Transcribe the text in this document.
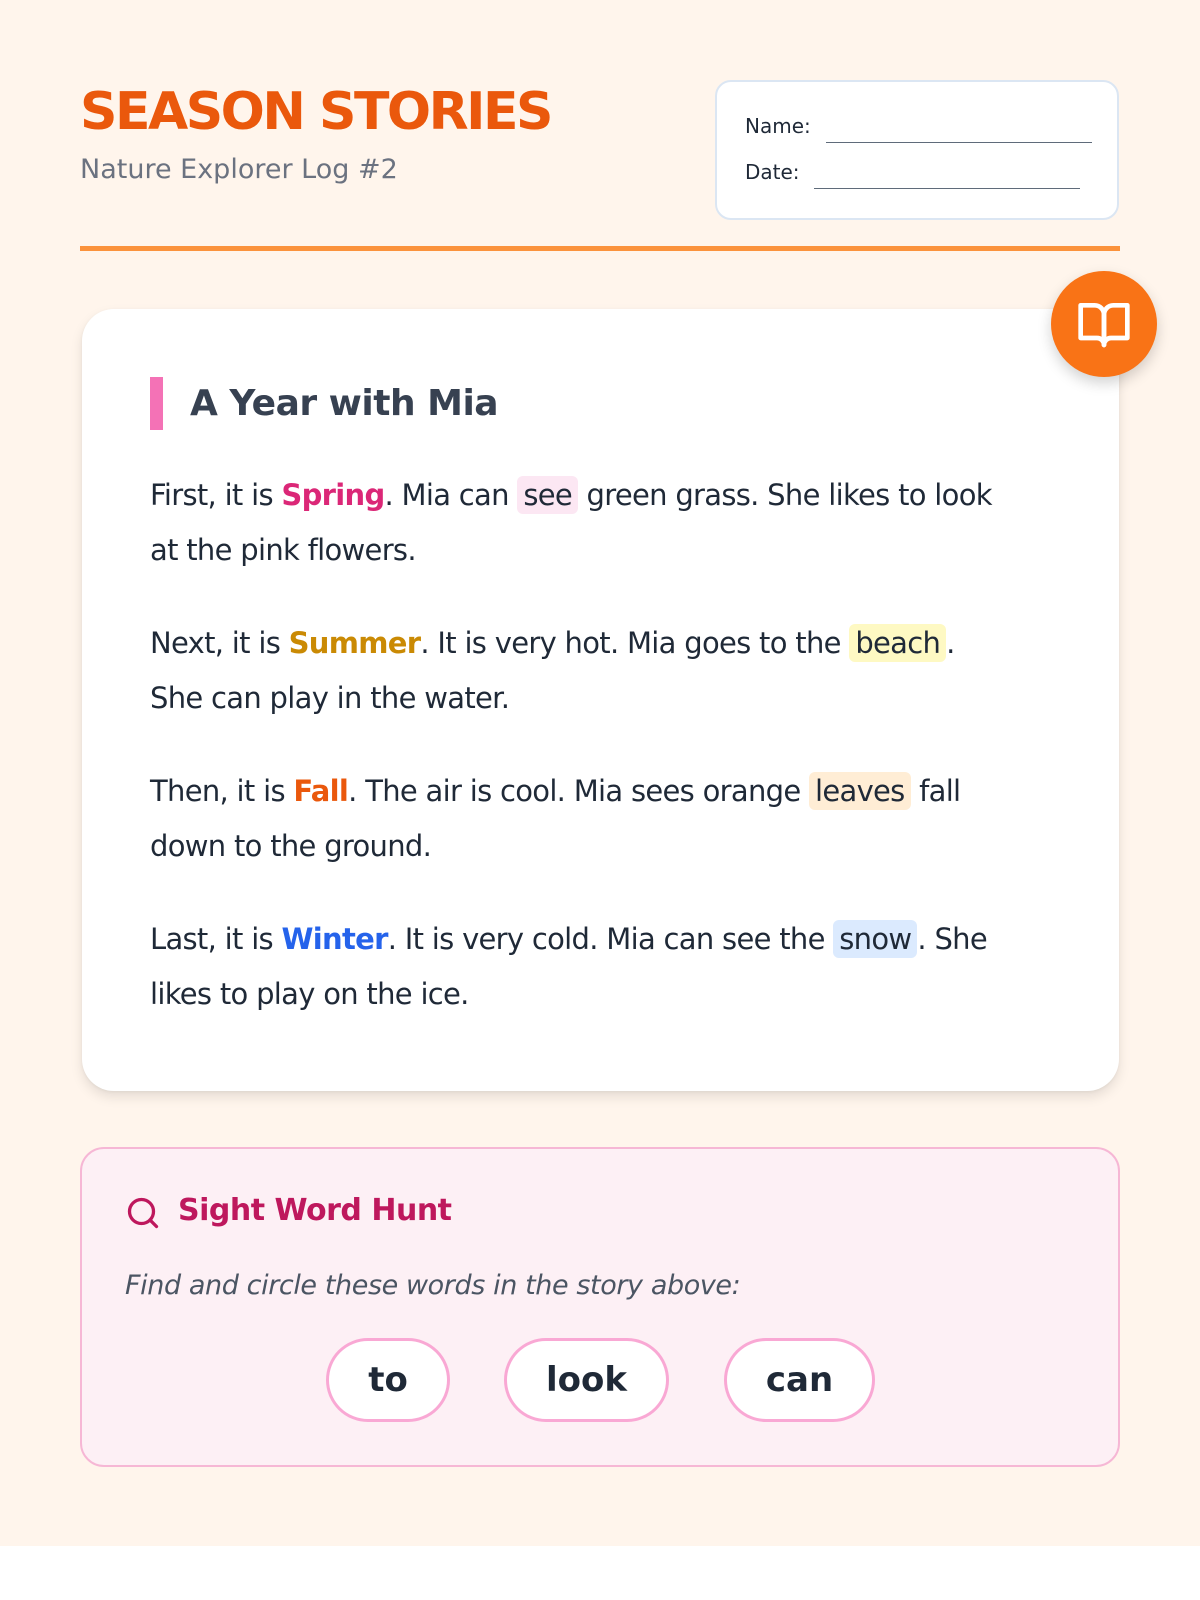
SEASON STORIES
Nature Explorer Log #2
Name:
Date:
A Year with Mia
First, it is Spring. Mia can see green grass. She likes to look
at the pink flowers.
Next, it is Summer. It is very hot. Mia goes to the beach .
She can play in the water.
Then, it is Fall. The air is cool. Mia sees orange leaves fall
down to the ground.
Last, it is Winter. It is very cold. Mia can see the snow . She
likes to play on the ice.
Sight Word Hunt
Find and circle these words in the story above:
to	look	can
